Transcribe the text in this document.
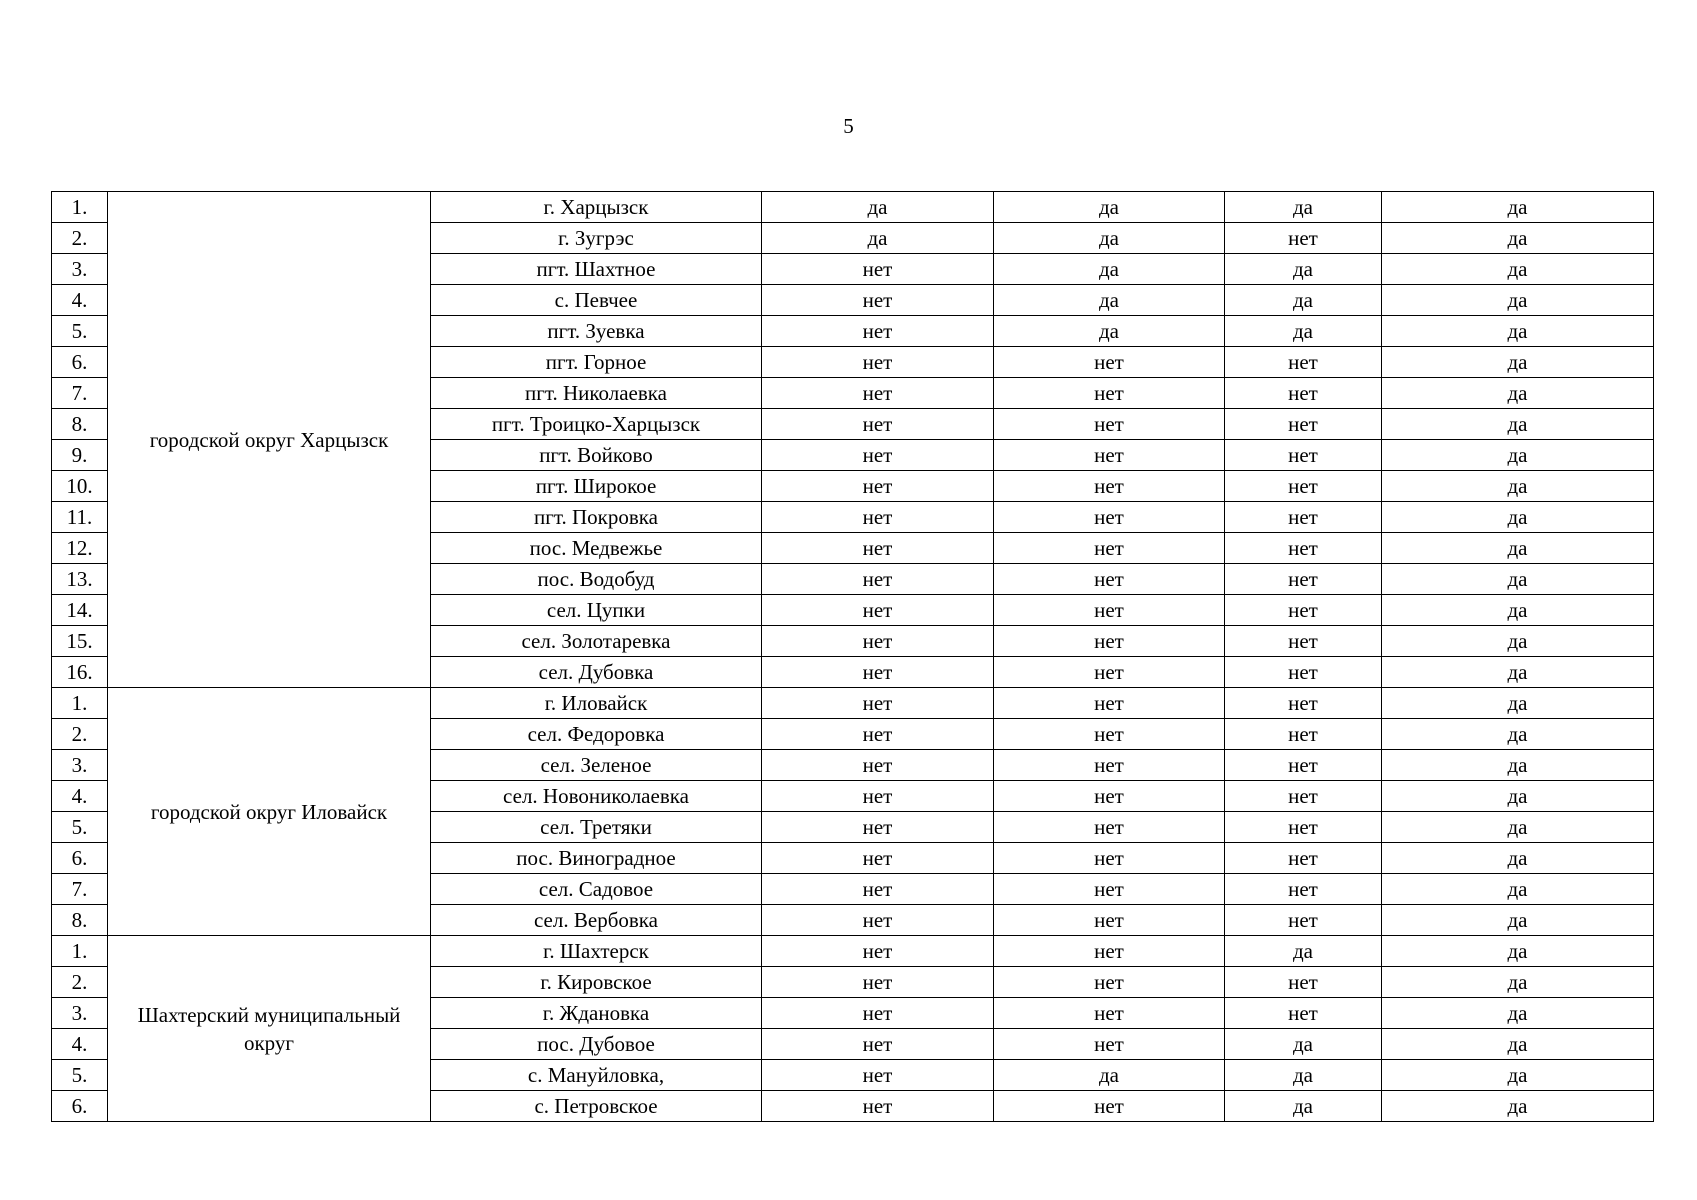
5
1.	городской округ Харцызск	г. Харцызск	да	да	да	да
2.		г. Зугрэс	да	да	нет	да
3.		пгт. Шахтное	нет	да	да	да
4.		с. Певчее	нет	да	да	да
5.		пгт. Зуевка	нет	да	да	да
6.		пгт. Горное	нет	нет	нет	да
7.		пгт. Николаевка	нет	нет	нет	да
8.		пгт. Троицко-Харцызск	нет	нет	нет	да
9.		пгт. Войково	нет	нет	нет	да
10.		пгт. Широкое	нет	нет	нет	да
11.		пгт. Покровка	нет	нет	нет	да
12.		пос. Медвежье	нет	нет	нет	да
13.		пос. Водобуд	нет	нет	нет	да
14.		сел. Цупки	нет	нет	нет	да
15.		сел. Золотаревка	нет	нет	нет	да
16.		сел. Дубовка	нет	нет	нет	да
1.	городской округ Иловайск	г. Иловайск	нет	нет	нет	да
2.		сел. Федоровка	нет	нет	нет	да
3.		сел. Зеленое	нет	нет	нет	да
4.		сел. Новониколаевка	нет	нет	нет	да
5.		сел. Третяки	нет	нет	нет	да
6.		пос. Виноградное	нет	нет	нет	да
7.		сел. Садовое	нет	нет	нет	да
8.		сел. Вербовка	нет	нет	нет	да
1.	Шахтерский муниципальный округ	г. Шахтерск	нет	нет	да	да
2.		г. Кировское	нет	нет	нет	да
3.		г. Ждановка	нет	нет	нет	да
4.		пос. Дубовое	нет	нет	да	да
5.		с. Мануйловка,	нет	да	да	да
6.		с. Петровское	нет	нет	да	да
